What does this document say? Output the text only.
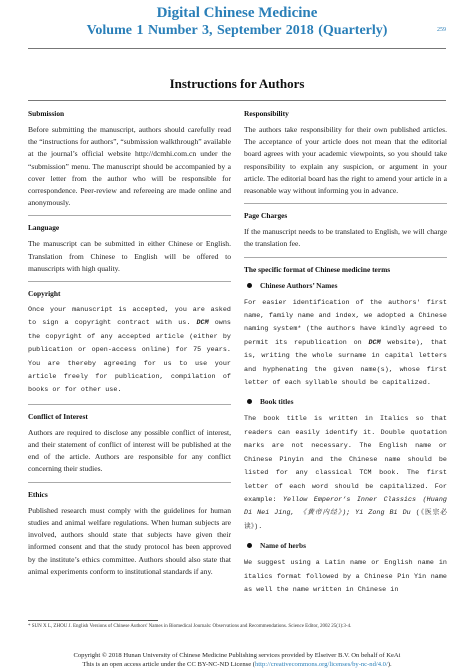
Digital Chinese Medicine
Volume 1 Number 3, September 2018 (Quarterly)	259
Instructions for Authors
Submission
Before submitting the manuscript, authors should carefully read the “instructions for authors”, “submission walkthrough” available at the journal’s official website http://dcmhi.com.cn under the “submission” menu. The manuscript should be accompanied by a cover letter from the author who will be responsible for correspondence. Peer-review and refereeing are made online and anonymously.
Language
The manuscript can be submitted in either Chinese or English. Translation from Chinese to English will be offered to manuscripts with high quality.
Copyright
Once your manuscript is accepted, you are asked to sign a copyright contract with us. DCM owns the copyright of any accepted article (either by publication or open-access online) for 75 years. You are thereby agreeing for us to use your article freely for publication, compilation of books or for other use.
Conflict of Interest
Authors are required to disclose any possible conflict of interest, and their statement of conflict of interest will be published at the end of the article. Authors are responsible for any conflict concerning their studies.
Ethics
Published research must comply with the guidelines for human studies and animal welfare regulations. When human subjects are involved, authors should state that subjects have given their informed consent and that the study protocol has been approved by the institute’s ethics committee. Authors should also state that animal experiments conform to institutional standards if any.
Responsibility
The authors take responsibility for their own published articles. The acceptance of your article does not mean that the editorial board agrees with your academic viewpoints, so you should take responsibility to explain any suspicion, or argument in your article. The editorial board has the right to amend your article in a reasonable way without informing you in advance.
Page Charges
If the manuscript needs to be translated to English, we will charge the translation fee.
The specific format of Chinese medicine terms
Chinese Authors’ Names
For easier identification of the authors' first name, family name and index, we adopted a Chinese naming system* (the authors have kindly agreed to permit its republication on DCM website), that is, writing the whole surname in capital letters and hyphenating the given name(s), whose first letter of each syllable should be capitalized.
Book titles
The book title is written in Italics so that readers can easily identify it. Double quotation marks are not necessary. The English name or Chinese Pinyin and the Chinese name should be listed for any classical TCM book. The first letter of each word should be capitalized. For example: Yellow Emperor’s Inner Classics (Huang Di Nei Jing, 《黄帝内经》); Yi Zong Bi Du (《医宗必读》).
Name of herbs
We suggest using a Latin name or English name in italics format followed by a Chinese Pin Yin name as well the name written in Chinese in
* SUN X L, ZHOU J. English Versions of Chinese Authors' Names in Biomedical Journals: Observations and Recommendations. Science Editor, 2002 25(1):3-4.
Copyright © 2018 Hunan University of Chinese Medicine Publishing services provided by Elseiver B.V. On behalf of KeAi
This is an open access article under the CC BY-NC-ND License (http://creativecommons.org/licenses/by-nc-nd/4.0/).
